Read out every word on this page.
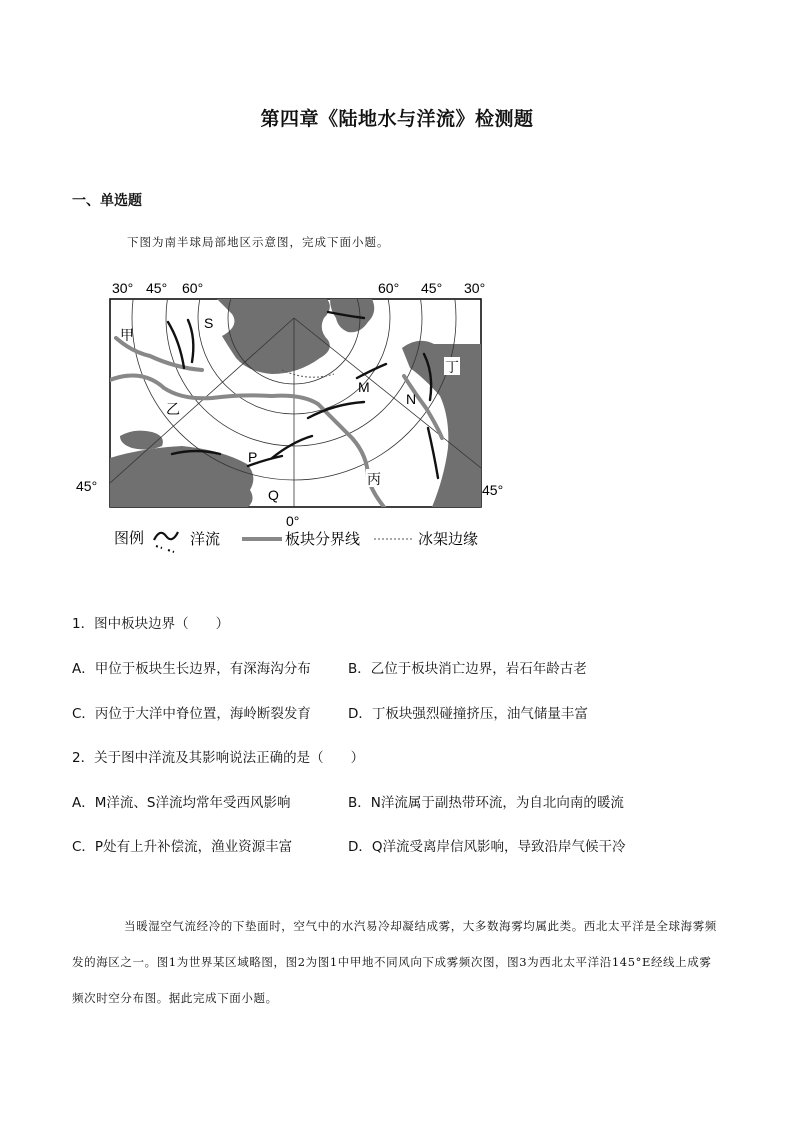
第四章《陆地水与洋流》检测题
一、单选题
下图为南半球局部地区示意图，完成下面小题。
30° 45° 60°	60° 45° 30°
45°	45°
0°
甲
S
乙
M
N
丁
P
Q
丙
图例	洋流	板块分界线	冰架边缘
1．图中板块边界（　　）
A．甲位于板块生长边界，有深海沟分布	B．乙位于板块消亡边界，岩石年龄古老
C．丙位于大洋中脊位置，海岭断裂发育	D．丁板块强烈碰撞挤压，油气储量丰富
2．关于图中洋流及其影响说法正确的是（　　）
A．M洋流、S洋流均常年受西风影响	B．N洋流属于副热带环流，为自北向南的暖流
C．P处有上升补偿流，渔业资源丰富	D．Q洋流受离岸信风影响，导致沿岸气候干冷
当暖湿空气流经冷的下垫面时，空气中的水汽易冷却凝结成雾，大多数海雾均属此类。西北太平洋是全球海雾频发的海区之一。图1为世界某区域略图，图2为图1中甲地不同风向下成雾频次图，图3为西北太平洋沿145°E经线上成雾频次时空分布图。据此完成下面小题。
